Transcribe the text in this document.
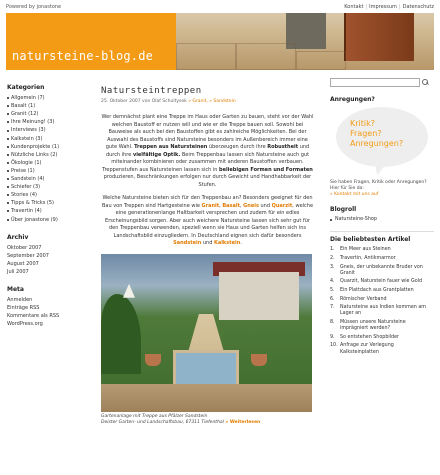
Powered by jonastone	Kontakt | Impressum | Datenschutz
natursteine-blog.de
Kategorien
Allgemein (7)
Basalt (1)
Granit (12)
Ihre Meinung! (3)
Interviews (3)
Kalkstein (3)
Kundenprojekte (1)
Nützliche Links (2)
Ökologie (1)
Preise (1)
Sandstein (4)
Schiefer (3)
Stories (4)
Tipps & Tricks (5)
Travertin (4)
Über jonastone (9)
Archiv
Oktober 2007
September 2007
August 2007
Juli 2007
Meta
Anmelden
Einträge RSS
Kommentare als RSS
WordPress.org
Natursteintreppen
25. Oktober 2007 von Olaf Schultysek » Granit, » Sandstein

Wer demnächst plant eine Treppe im Haus oder Garten zu bauen, steht vor der Wahl welchen Baustoff er nutzen will und wie er die Treppe bauen soll. Sowohl bei Bauweise als auch bei den Baustoffen gibt es zahlreiche Möglichkeiten. Bei der Auswahl des Baustoffs sind Natursteine besonders im Außenbereich immer eine gute Wahl. Treppen aus Natursteinen überzeugen durch ihre Robustheit und durch ihre vielfältige Optik. Beim Treppenbau lassen sich Natursteine auch gut miteinander kombinieren oder zusammen mit anderen Baustoffen verbauen. Treppenstufen aus Natursteinen lassen sich in beliebigen Formen und Formaten produzieren, Beschränkungen erfolgen nur durch Gewicht und Handhabbarkeit der Stufen.

Welche Natursteine bieten sich für den Treppenbau an? Besonders geeignet für den Bau von Treppen sind Hartgesteine wie Granit, Basalt, Gneis und Quarzit, welche eine generationenlange Haltbarkeit versprechen und zudem für ein edles Erscheinungsbild sorgen. Aber auch weichere Natursteine lassen sich sehr gut für den Treppenbau verwenden, speziell wenn sie Haus und Garten helfen sich ins Landschaftsbild einzugliedern. In Deutschland eignen sich dafür besonders Sandstein und Kalkstein.

Gartenanlage mit Treppe aus Pfälzer Sandstein
Deister Garten- und Landschaftsbau, 67311 Tiefenthal » Weiterlesen
Anregungen?
Kritik?
Fragen?
Anregungen?
Sie haben Fragen, Kritik oder Anregungen? Hier für Sie da:
» Kontakt mit uns auf
Blogroll
Natursteine-Shop
Die beliebtesten Artikel
1.	Ein Meer aus Steinen
2.	Travertin, Antikmarmor
3.	Gneis, der unbekannte Bruder von Granit
4.	Quarzit, Naturstein fauer wie Gold
5.	Ein Plattdach aus Grantplatten
6.	Römischer Verband
7.	Natursteine aus Indien kommen am Lager an
8.	Müssen unsere Natursteine imprägniert werden?
9.	So entstehen Shopbilder
10. Anfrage zur Verlegung Kalksteinplatten
